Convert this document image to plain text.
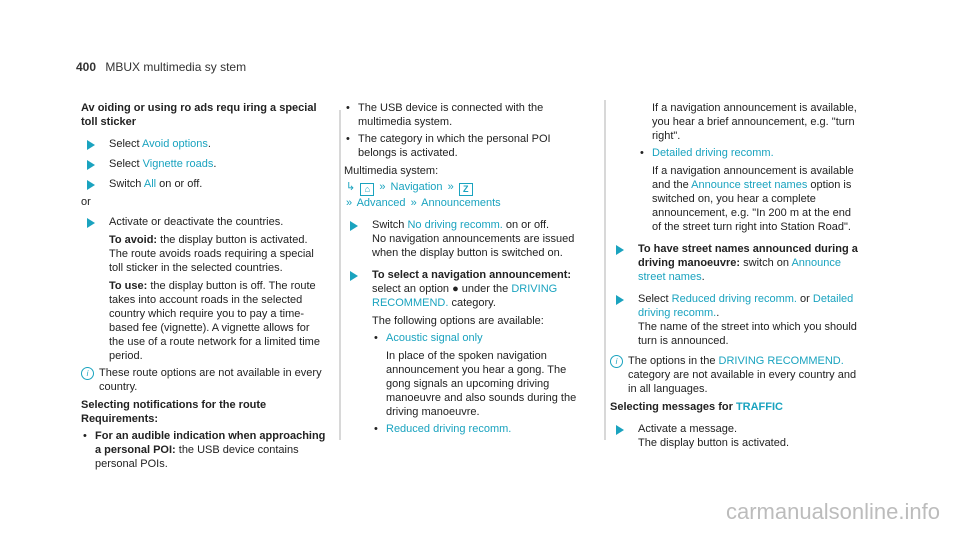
400 MBUX multimedia sy stem
Av oiding or using ro ads requ iring a special toll sticker
Select Avoid options.
Select Vignette roads.
Switch All on or off.
or
Activate or deactivate the countries.
To avoid: the display button is activated. The route avoids roads requiring a special toll sticker in the selected countries.
To use: the display button is off. The route takes into account roads in the selected country which require you to pay a time-based fee (vignette). A vignette allows for the use of a route network for a limited time period.
i These route options are not available in every country.
Selecting notifications for the route
Requirements:
• For an audible indication when approaching a personal POI: the USB device contains personal POIs.
• The USB device is connected with the multimedia system.
• The category in which the personal POI belongs is activated.
Multimedia system:
↳ ⌂ » Navigation » Z
» Advanced » Announcements
Switch No driving recomm. on or off.
No navigation announcements are issued when the display button is switched on.
To select a navigation announcement:
select an option ● under the DRIVING RECOMMEND. category.
The following options are available:
• Acoustic signal only
In place of the spoken navigation announcement you hear a gong. The gong signals an upcoming driving manoeuvre and also sounds during the driving manoeuvre.
• Reduced driving recomm.
If a navigation announcement is available, you hear a brief announcement, e.g. "turn right".
• Detailed driving recomm.
If a navigation announcement is available and the Announce street names option is switched on, you hear a complete announcement, e.g. "In 200 m at the end of the street turn right into Station Road".
To have street names announced during a driving manoeuvre: switch on Announce street names.
Select Reduced driving recomm. or Detailed driving recomm..
The name of the street into which you should turn is announced.
i The options in the DRIVING RECOMMEND. category are not available in every country and in all languages.
Selecting messages for TRAFFIC
Activate a message.
The display button is activated.
carmanualsonline.info
